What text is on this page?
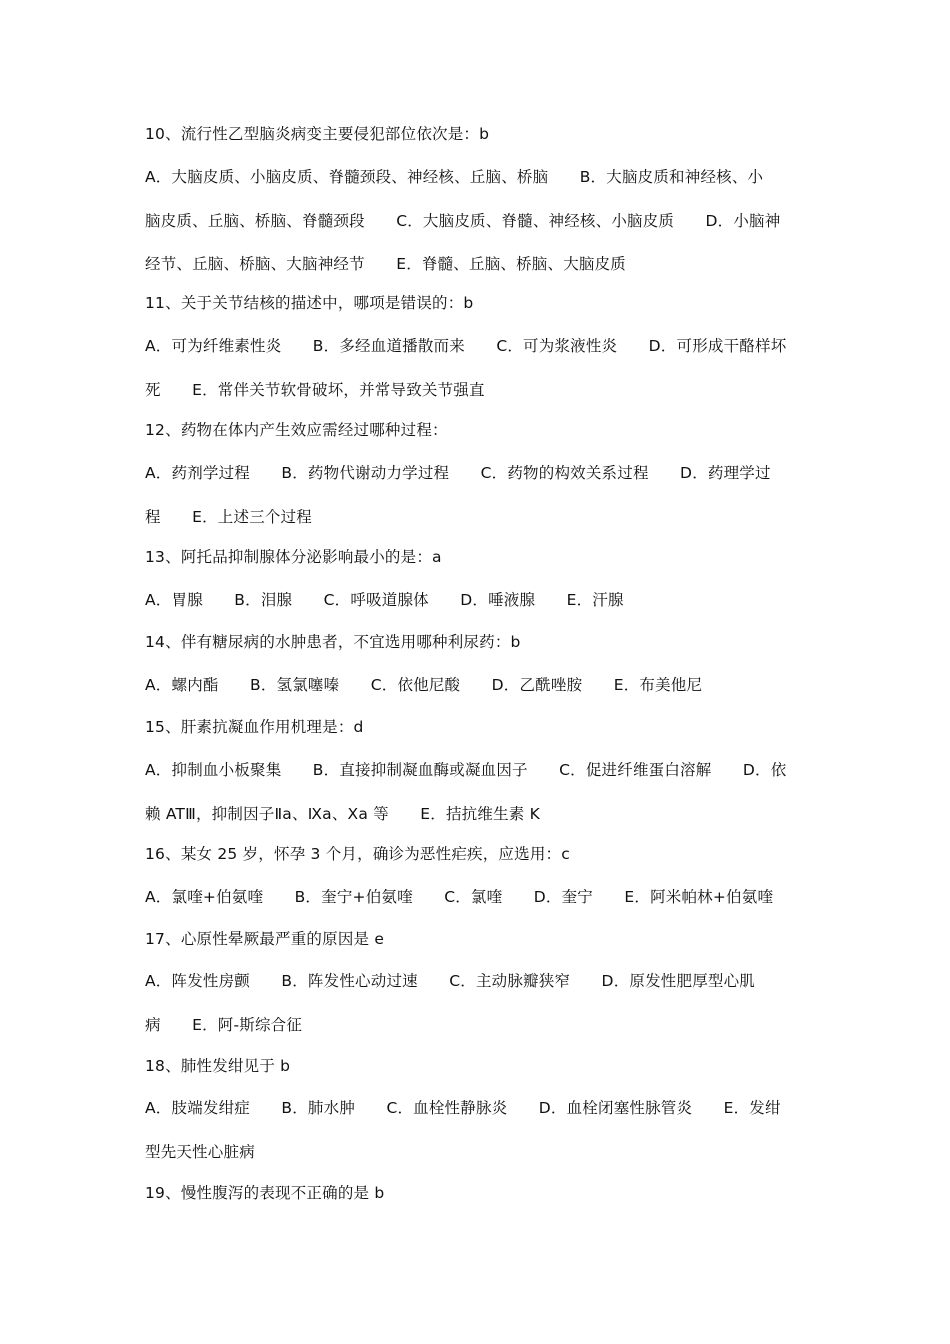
10、流行性乙型脑炎病变主要侵犯部位依次是：b
A．大脑皮质、小脑皮质、脊髓颈段、神经核、丘脑、桥脑　　B．大脑皮质和神经核、小
脑皮质、丘脑、桥脑、脊髓颈段　　C．大脑皮质、脊髓、神经核、小脑皮质　　D．小脑神
经节、丘脑、桥脑、大脑神经节　　E．脊髓、丘脑、桥脑、大脑皮质
11、关于关节结核的描述中，哪项是错误的：b
A．可为纤维素性炎　　B．多经血道播散而来　　C．可为浆液性炎　　D．可形成干酪样坏
死　　E．常伴关节软骨破坏，并常导致关节强直
12、药物在体内产生效应需经过哪种过程：
A．药剂学过程　　B．药物代谢动力学过程　　C．药物的构效关系过程　　D．药理学过
程　　E．上述三个过程
13、阿托品抑制腺体分泌影响最小的是：a
A．胃腺　　B．泪腺　　C．呼吸道腺体　　D．唾液腺　　E．汗腺
14、伴有糖尿病的水肿患者，不宜选用哪种利尿药：b
A．螺内酯　　B．氢氯噻嗪　　C．依他尼酸　　D．乙酰唑胺　　E．布美他尼
15、肝素抗凝血作用机理是：d
A．抑制血小板聚集　　B．直接抑制凝血酶或凝血因子　　C．促进纤维蛋白溶解　　D．依
赖 ATⅢ，抑制因子Ⅱa、Ⅸa、Ⅹa 等　　E．拮抗维生素 K
16、某女 25 岁，怀孕 3 个月，确诊为恶性疟疾，应选用：c
A．氯喹+伯氨喹　　B．奎宁+伯氨喹　　C．氯喹　　D．奎宁　　E．阿米帕林+伯氨喹
17、心原性晕厥最严重的原因是 e
A．阵发性房颤　　B．阵发性心动过速　　C．主动脉瓣狭窄　　D．原发性肥厚型心肌
病　　E．阿-斯综合征
18、肺性发绀见于 b
A．肢端发绀症　　B．肺水肿　　C．血栓性静脉炎　　D．血栓闭塞性脉管炎　　E．发绀
型先天性心脏病
19、慢性腹泻的表现不正确的是 b
